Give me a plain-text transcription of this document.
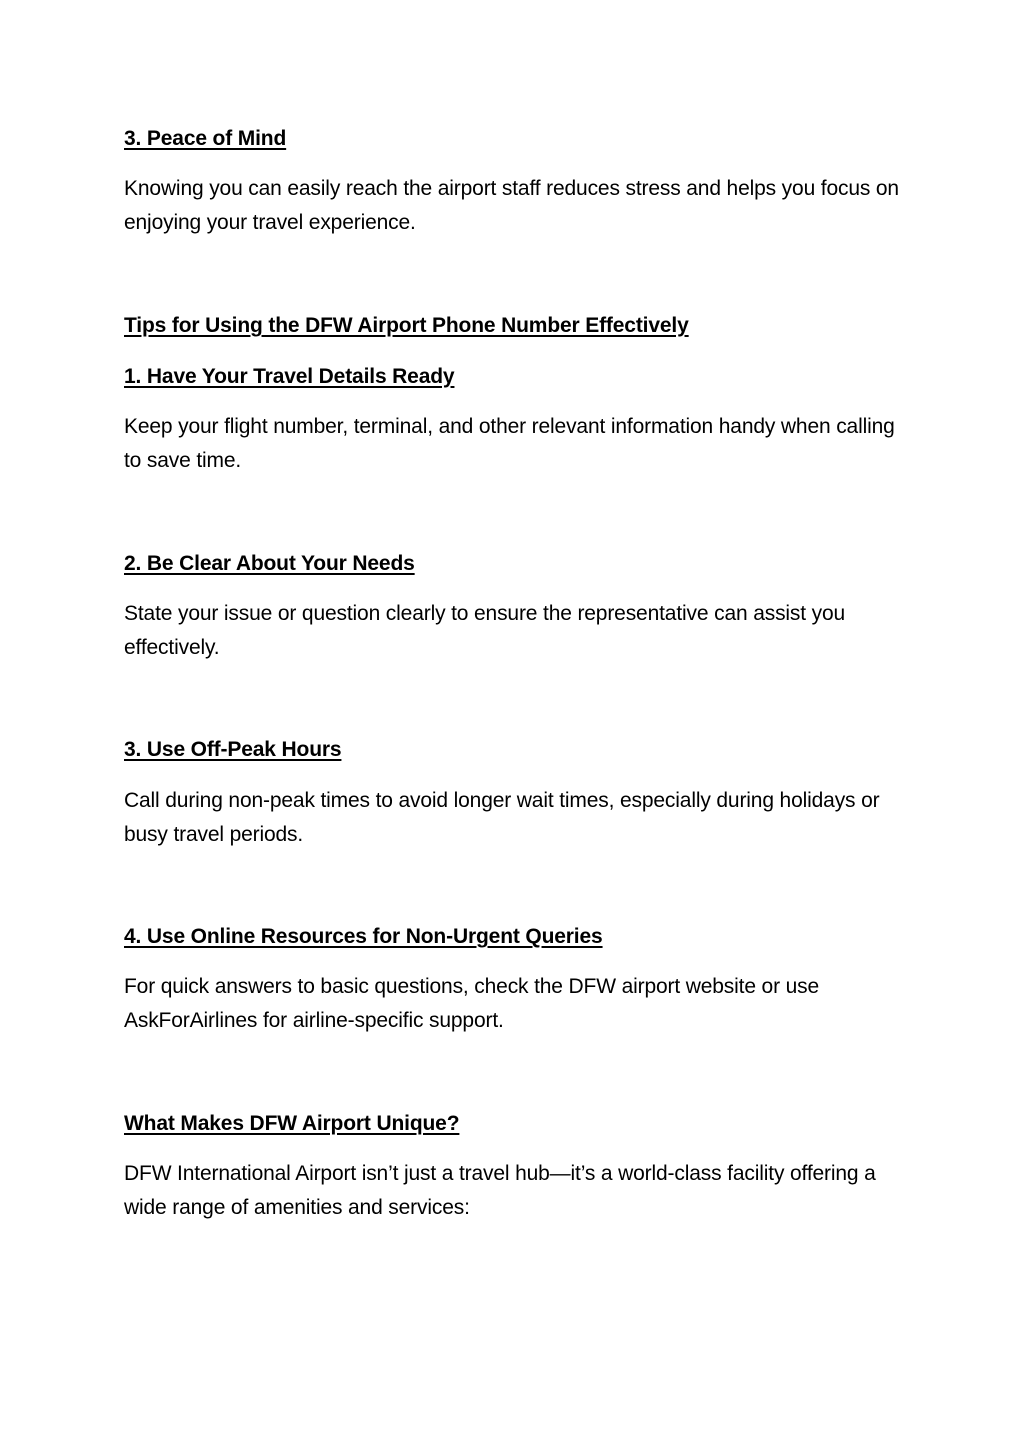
3. Peace of Mind

Knowing you can easily reach the airport staff reduces stress and helps you focus on enjoying your travel experience.

Tips for Using the DFW Airport Phone Number Effectively
1. Have Your Travel Details Ready

Keep your flight number, terminal, and other relevant information handy when calling to save time.

2. Be Clear About Your Needs

State your issue or question clearly to ensure the representative can assist you effectively.

3. Use Off-Peak Hours

Call during non-peak times to avoid longer wait times, especially during holidays or busy travel periods.

4. Use Online Resources for Non-Urgent Queries

For quick answers to basic questions, check the DFW airport website or use AskForAirlines for airline-specific support.

What Makes DFW Airport Unique?

DFW International Airport isn’t just a travel hub—it’s a world-class facility offering a wide range of amenities and services:
